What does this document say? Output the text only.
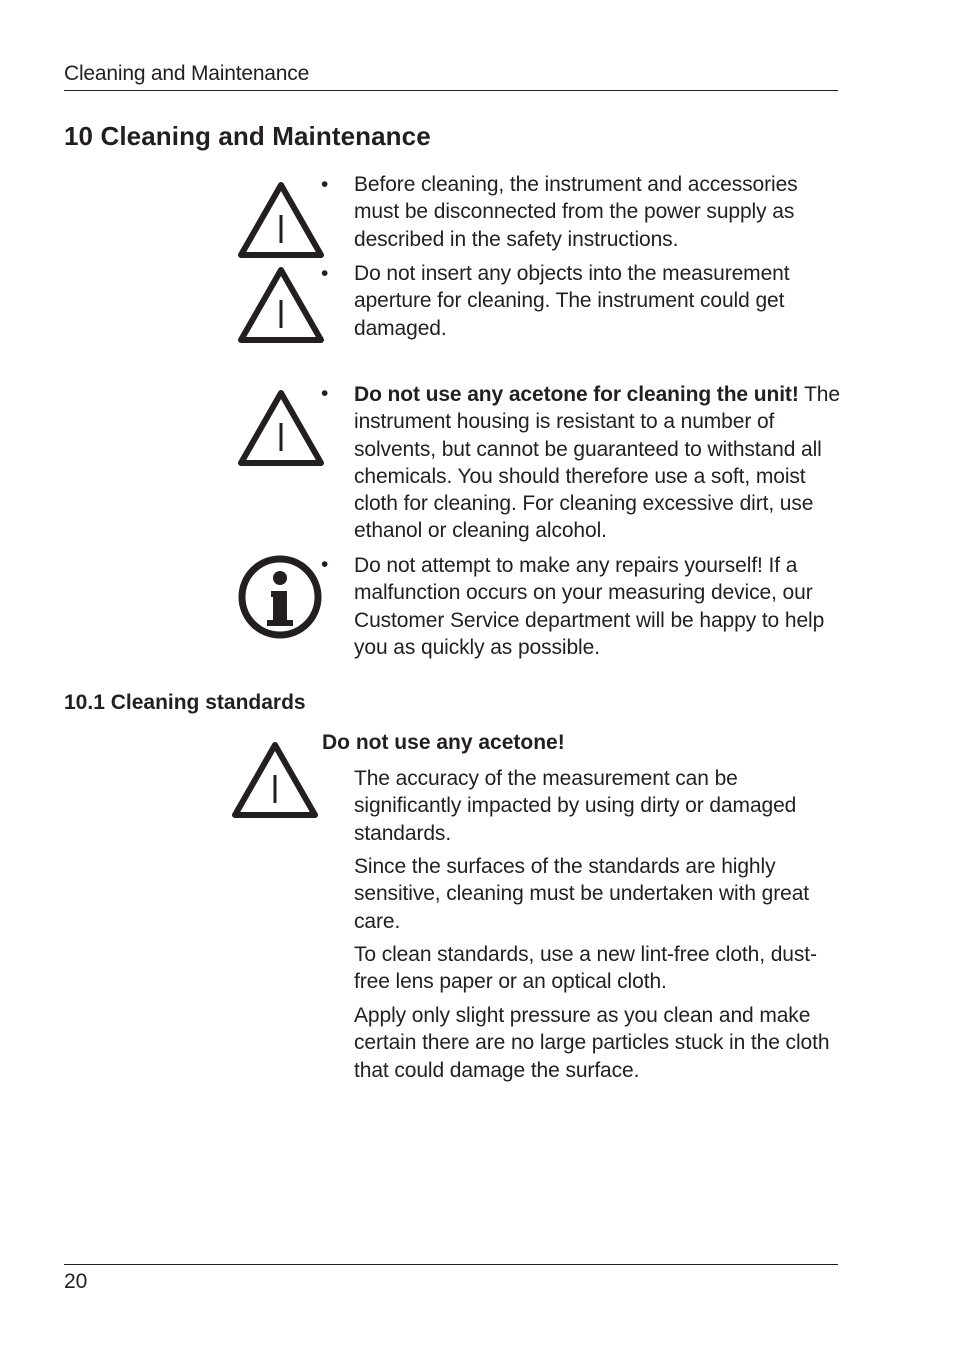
Cleaning and Maintenance
10 Cleaning and Maintenance
• Before cleaning, the instrument and accessories must be disconnected from the power supply as described in the safety instructions.
• Do not insert any objects into the measurement aperture for cleaning. The instrument could get damaged.
• Do not use any acetone for cleaning the unit! The instrument housing is resistant to a number of solvents, but cannot be guaranteed to withstand all chemicals. You should therefore use a soft, moist cloth for cleaning. For cleaning excessive dirt, use ethanol or cleaning alcohol.
• Do not attempt to make any repairs yourself! If a malfunction occurs on your measuring device, our Customer Service department will be happy to help you as quickly as possible.
10.1 Cleaning standards
Do not use any acetone!
The accuracy of the measurement can be significantly impacted by using dirty or damaged standards.
Since the surfaces of the standards are highly sensitive, cleaning must be undertaken with great care.
To clean standards, use a new lint-free cloth, dust-free lens paper or an optical cloth.
Apply only slight pressure as you clean and make certain there are no large particles stuck in the cloth that could damage the surface.
20
